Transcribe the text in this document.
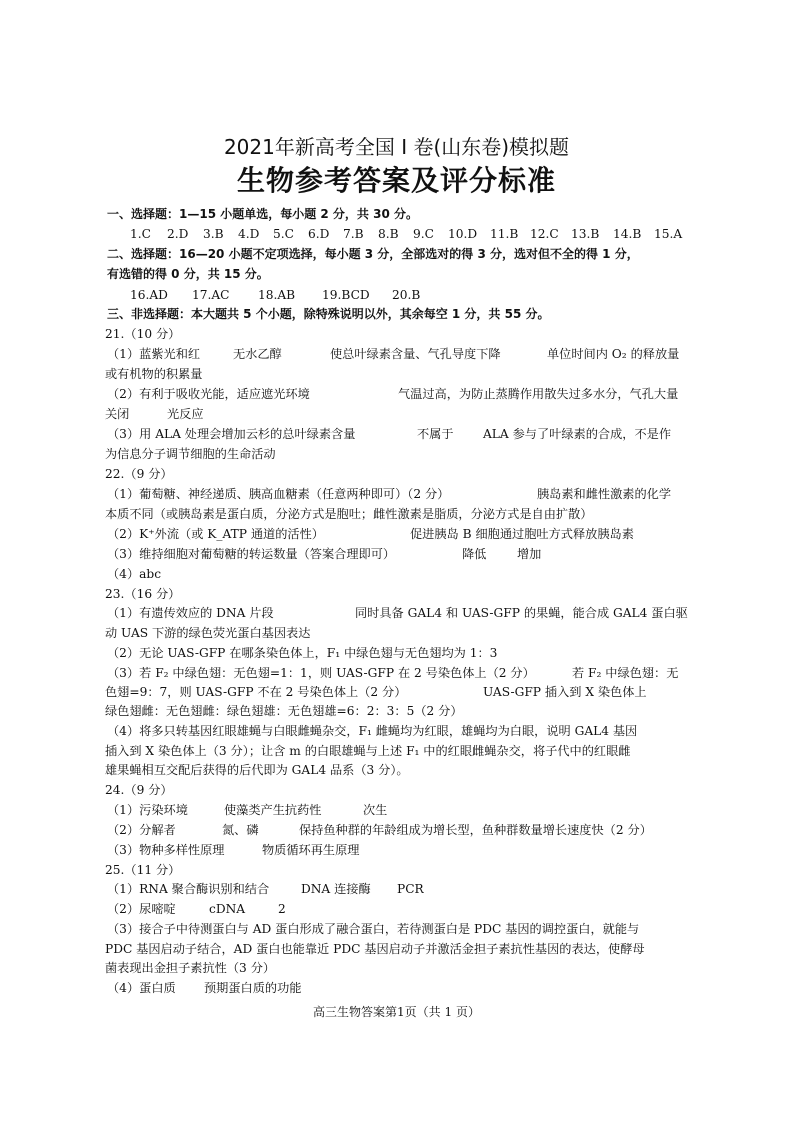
2021年新高考全国 I 卷(山东卷)模拟题
生物参考答案及评分标准
一、选择题：1—15 小题单选，每小题 2 分，共 30 分。
1.C 2.D 3.B 4.D 5.C 6.D 7.B 8.B 9.C 10.D 11.B 12.C 13.B 14.B 15.A
二、选择题：16—20 小题不定项选择，每小题 3 分，全部选对的得 3 分，选对但不全的得 1 分，
有选错的得 0 分，共 15 分。
16.AD 17.AC 18.AB 19.BCD 20.B
三、非选择题：本大题共 5 个小题，除特殊说明以外，其余每空 1 分，共 55 分。
21.（10 分）
（1）蓝紫光和红	无水乙醇	使总叶绿素含量、气孔导度下降	单位时间内 O₂ 的释放量
或有机物的积累量
（2）有利于吸收光能，适应遮光环境	气温过高，为防止蒸腾作用散失过多水分，气孔大量
关闭	光反应
（3）用 ALA 处理会增加云杉的总叶绿素含量	不属于 ALA 参与了叶绿素的合成，不是作
为信息分子调节细胞的生命活动
22.（9 分）
（1）葡萄糖、神经递质、胰高血糖素（任意两种即可）（2 分）	胰岛素和雌性激素的化学
本质不同（或胰岛素是蛋白质，分泌方式是胞吐；雌性激素是脂质，分泌方式是自由扩散）
（2）K⁺外流（或 K_ATP 通道的活性）	促进胰岛 B 细胞通过胞吐方式释放胰岛素
（3）维持细胞对葡萄糖的转运数量（答案合理即可）	降低	增加
（4）abc
23.（16 分）
（1）有遗传效应的 DNA 片段	同时具备 GAL4 和 UAS-GFP 的果蝇，能合成 GAL4 蛋白驱
动 UAS 下游的绿色荧光蛋白基因表达
（2）无论 UAS-GFP 在哪条染色体上，F₁ 中绿色翅与无色翅均为 1：3
（3）若 F₂ 中绿色翅：无色翅=1：1，则 UAS-GFP 在 2 号染色体上（2 分）	若 F₂ 中绿色翅：无
色翅=9：7，则 UAS-GFP 不在 2 号染色体上（2 分）	UAS-GFP 插入到 X 染色体上
绿色翅雌：无色翅雌：绿色翅雄：无色翅雄=6：2：3：5（2 分）
（4）将多只转基因红眼雄蝇与白眼雌蝇杂交，F₁ 雌蝇均为红眼，雄蝇均为白眼，说明 GAL4 基因
插入到 X 染色体上（3 分）；让含 m 的白眼雄蝇与上述 F₁ 中的红眼雌蝇杂交，将子代中的红眼雌
雄果蝇相互交配后获得的后代即为 GAL4 品系（3 分）。
24.（9 分）
（1）污染环境	使藻类产生抗药性	次生
（2）分解者	氮、磷	保持鱼种群的年龄组成为增长型，鱼种群数量增长速度快（2 分）
（3）物种多样性原理	物质循环再生原理
25.（11 分）
（1）RNA 聚合酶识别和结合	DNA 连接酶 PCR
（2）尿嘧啶	cDNA	2
（3）接合子中待测蛋白与 AD 蛋白形成了融合蛋白，若待测蛋白是 PDC 基因的调控蛋白，就能与
PDC 基因启动子结合，AD 蛋白也能靠近 PDC 基因启动子并激活金担子素抗性基因的表达，使酵母
菌表现出金担子素抗性（3 分）
（4）蛋白质 预期蛋白质的功能
高三生物答案第1页（共 1 页）
